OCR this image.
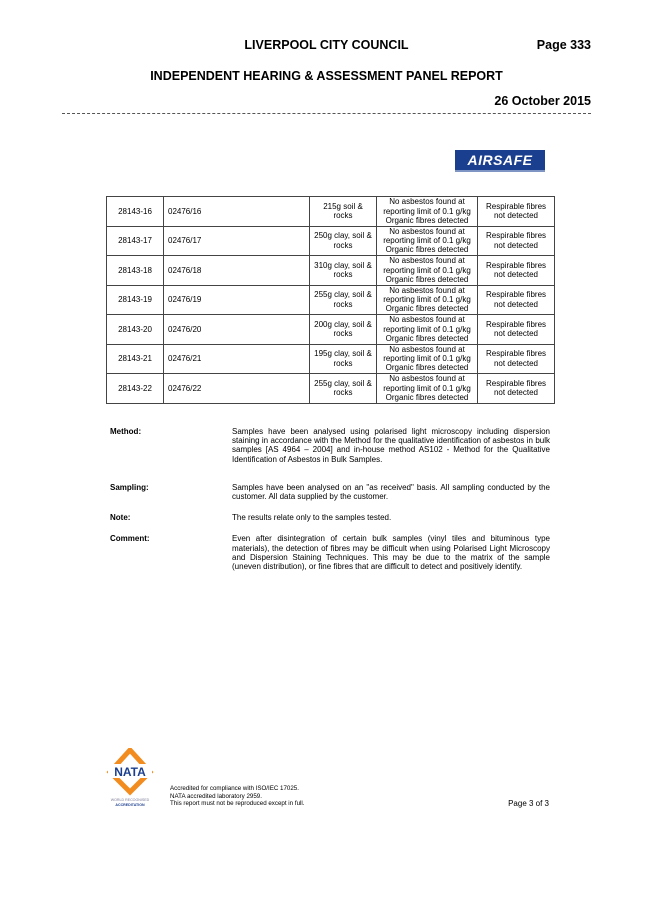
LIVERPOOL CITY COUNCIL	Page 333
INDEPENDENT HEARING & ASSESSMENT PANEL REPORT
26 October 2015
AIRSAFE
28143-16	02476/16	215g soil & rocks	No asbestos found at reporting limit of 0.1 g/kg Organic fibres detected	Respirable fibres not detected
28143-17	02476/17	250g clay, soil & rocks	No asbestos found at reporting limit of 0.1 g/kg Organic fibres detected	Respirable fibres not detected
28143-18	02476/18	310g clay, soil & rocks	No asbestos found at reporting limit of 0.1 g/kg Organic fibres detected	Respirable fibres not detected
28143-19	02476/19	255g clay, soil & rocks	No asbestos found at reporting limit of 0.1 g/kg Organic fibres detected	Respirable fibres not detected
28143-20	02476/20	200g clay, soil & rocks	No asbestos found at reporting limit of 0.1 g/kg Organic fibres detected	Respirable fibres not detected
28143-21	02476/21	195g clay, soil & rocks	No asbestos found at reporting limit of 0.1 g/kg Organic fibres detected	Respirable fibres not detected
28143-22	02476/22	255g clay, soil & rocks	No asbestos found at reporting limit of 0.1 g/kg Organic fibres detected	Respirable fibres not detected
Method:	Samples have been analysed using polarised light microscopy including dispersion staining in accordance with the Method for the qualitative identification of asbestos in bulk samples [AS 4964 – 2004] and in-house method AS102 - Method for the Qualitative Identification of Asbestos in Bulk Samples.
Sampling:	Samples have been analysed on an "as received" basis. All sampling conducted by the customer. All data supplied by the customer.
Note:	The results relate only to the samples tested.
Comment:	Even after disintegration of certain bulk samples (vinyl tiles and bituminous type materials), the detection of fibres may be difficult when using Polarised Light Microscopy and Dispersion Staining Techniques. This may be due to the matrix of the sample (uneven distribution), or fine fibres that are difficult to detect and positively identify.
NATA
WORLD RECOGNISED
ACCREDITATION
Accredited for compliance with ISO/IEC 17025.
NATA accredited laboratory 2959.
This report must not be reproduced except in full.	Page 3 of 3
